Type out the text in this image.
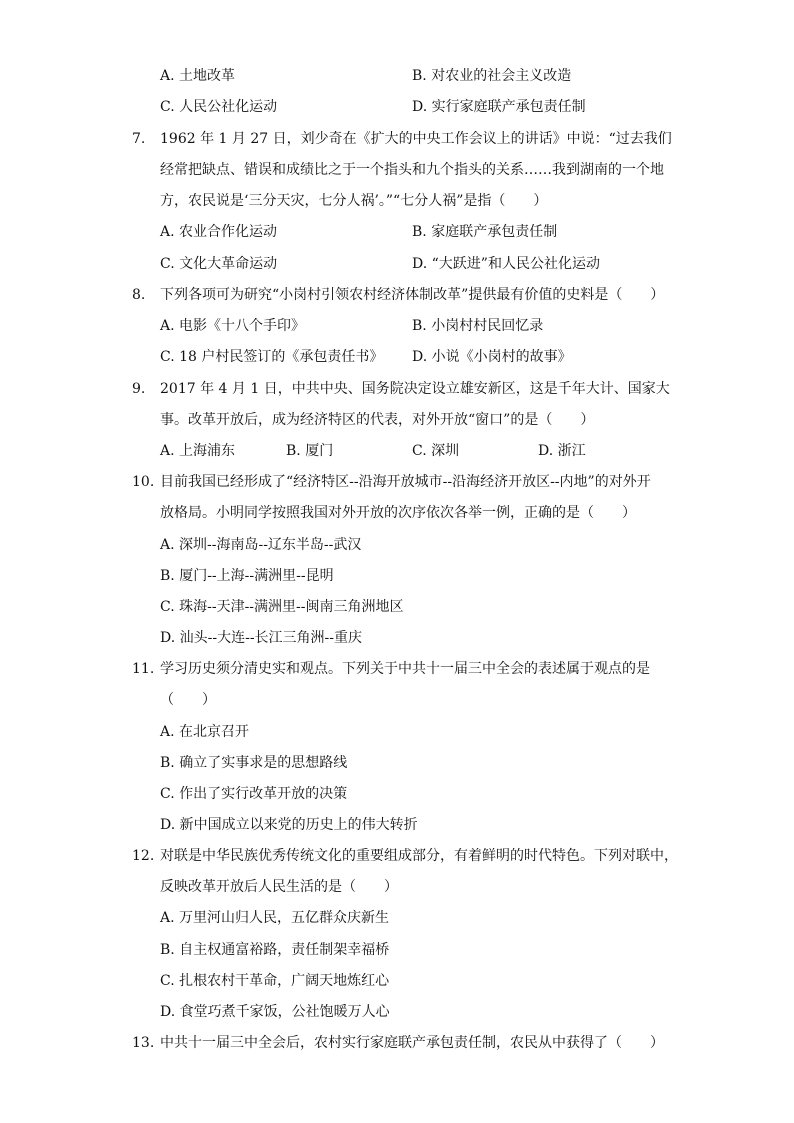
A. 土地改革	B. 对农业的社会主义改造
C. 人民公社化运动	D. 实行家庭联产承包责任制
7.	1962 年 1 月 27 日，刘少奇在《扩大的中央工作会议上的讲话》中说：“过去我们
经常把缺点、错误和成绩比之于一个指头和九个指头的关系……我到湖南的一个地
方，农民说是‘三分天灾，七分人祸’。”“七分人祸”是指（　　）
A. 农业合作化运动	B. 家庭联产承包责任制
C. 文化大革命运动	D. “大跃进”和人民公社化运动
8.	下列各项可为研究“小岗村引领农村经济体制改革”提供最有价值的史料是（　　）
A. 电影《十八个手印》	B. 小岗村村民回忆录
C. 18 户村民签订的《承包责任书》 D. 小说《小岗村的故事》
9.	2017 年 4 月 1 日，中共中央、国务院决定设立雄安新区，这是千年大计、国家大
事。改革开放后，成为经济特区的代表，对外开放“窗口”的是（　　）
A. 上海浦东	B. 厦门	C. 深圳	D. 浙江
10. 目前我国已经形成了“经济特区--沿海开放城市--沿海经济开放区--内地”的对外开
放格局。小明同学按照我国对外开放的次序依次各举一例，正确的是（　　）
A. 深圳--海南岛--辽东半岛--武汉
B. 厦门--上海--满洲里--昆明
C. 珠海--天津--满洲里--闽南三角洲地区
D. 汕头--大连--长江三角洲--重庆
11. 学习历史须分清史实和观点。下列关于中共十一届三中全会的表述属于观点的是
（　　）
A. 在北京召开
B. 确立了实事求是的思想路线
C. 作出了实行改革开放的决策
D. 新中国成立以来党的历史上的伟大转折
12. 对联是中华民族优秀传统文化的重要组成部分，有着鲜明的时代特色。下列对联中，
反映改革开放后人民生活的是（　　）
A. 万里河山归人民，五亿群众庆新生
B. 自主权通富裕路，责任制架幸福桥
C. 扎根农村干革命，广阔天地炼红心
D. 食堂巧煮千家饭，公社饱暖万人心
13. 中共十一届三中全会后，农村实行家庭联产承包责任制，农民从中获得了（　　）
